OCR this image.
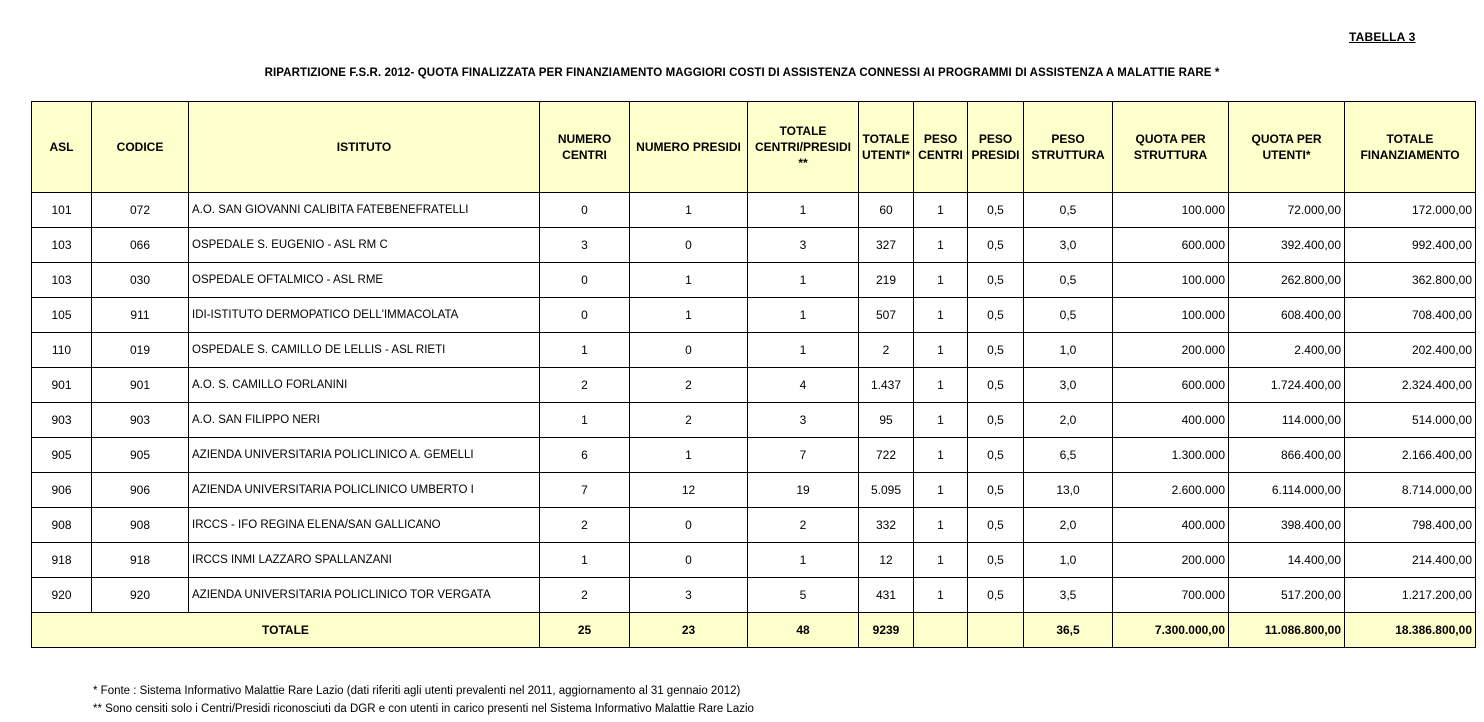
TABELLA 3
RIPARTIZIONE F.S.R. 2012- QUOTA FINALIZZATA PER FINANZIAMENTO MAGGIORI COSTI DI ASSISTENZA CONNESSI AI PROGRAMMI DI ASSISTENZA A MALATTIE RARE *
ASL	CODICE	ISTITUTO	NUMERO CENTRI	NUMERO PRESIDI	TOTALE CENTRI/PRESIDI **	TOTALE UTENTI*	PESO CENTRI	PESO PRESIDI	PESO STRUTTURA	QUOTA PER STRUTTURA	QUOTA PER UTENTI*	TOTALE FINANZIAMENTO
101	072	A.O. SAN GIOVANNI CALIBITA FATEBENEFRATELLI	0	1	1	60	1	0,5	0,5	100.000	72.000,00	172.000,00
103	066	OSPEDALE S. EUGENIO - ASL RM C	3	0	3	327	1	0,5	3,0	600.000	392.400,00	992.400,00
103	030	OSPEDALE OFTALMICO - ASL RME	0	1	1	219	1	0,5	0,5	100.000	262.800,00	362.800,00
105	911	IDI-ISTITUTO DERMOPATICO DELL'IMMACOLATA	0	1	1	507	1	0,5	0,5	100.000	608.400,00	708.400,00
110	019	OSPEDALE S. CAMILLO DE LELLIS - ASL RIETI	1	0	1	2	1	0,5	1,0	200.000	2.400,00	202.400,00
901	901	A.O. S. CAMILLO FORLANINI	2	2	4	1.437	1	0,5	3,0	600.000	1.724.400,00	2.324.400,00
903	903	A.O. SAN FILIPPO NERI	1	2	3	95	1	0,5	2,0	400.000	114.000,00	514.000,00
905	905	AZIENDA UNIVERSITARIA POLICLINICO A. GEMELLI	6	1	7	722	1	0,5	6,5	1.300.000	866.400,00	2.166.400,00
906	906	AZIENDA UNIVERSITARIA POLICLINICO UMBERTO I	7	12	19	5.095	1	0,5	13,0	2.600.000	6.114.000,00	8.714.000,00
908	908	IRCCS - IFO REGINA ELENA/SAN GALLICANO	2	0	2	332	1	0,5	2,0	400.000	398.400,00	798.400,00
918	918	IRCCS INMI LAZZARO SPALLANZANI	1	0	1	12	1	0,5	1,0	200.000	14.400,00	214.400,00
920	920	AZIENDA UNIVERSITARIA POLICLINICO TOR VERGATA	2	3	5	431	1	0,5	3,5	700.000	517.200,00	1.217.200,00
TOTALE			25	23	48	9239			36,5	7.300.000,00	11.086.800,00	18.386.800,00
* Fonte : Sistema Informativo Malattie Rare Lazio (dati riferiti agli utenti prevalenti nel 2011, aggiornamento al 31 gennaio 2012)
** Sono censiti solo i Centri/Presidi riconosciuti da DGR e con utenti in carico presenti nel Sistema Informativo Malattie Rare Lazio
